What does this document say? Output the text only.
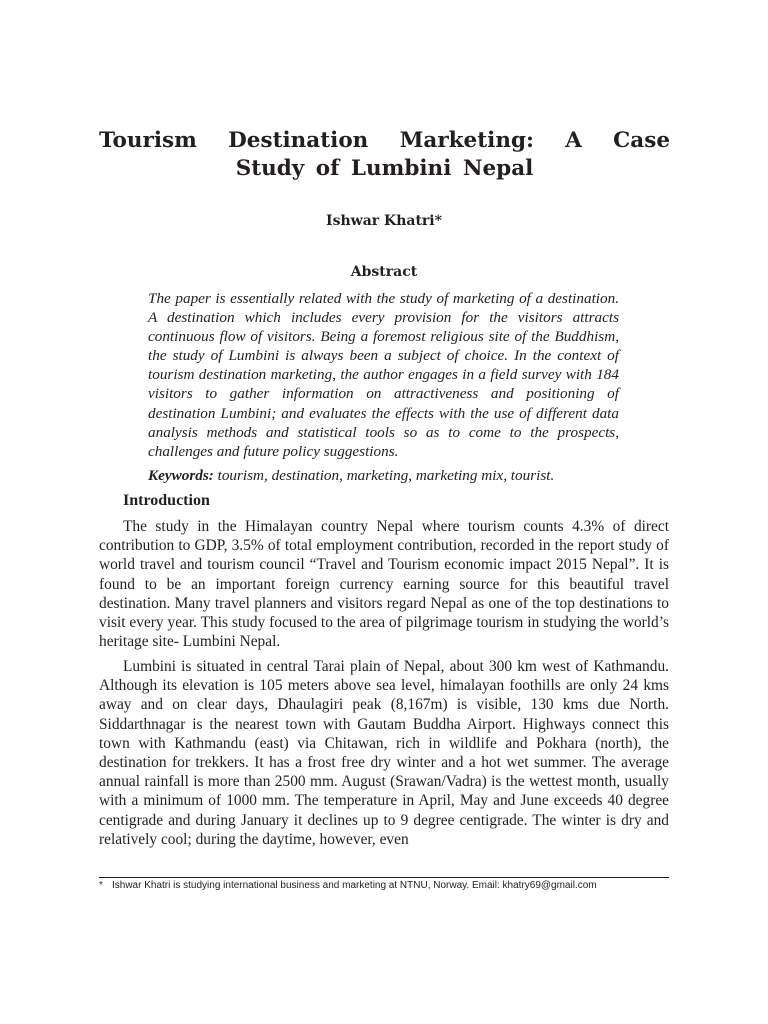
Tourism Destination Marketing: A Case Study of Lumbini Nepal
Ishwar Khatri*
Abstract

The paper is essentially related with the study of marketing of a destination. A destination which includes every provision for the visitors attracts continuous flow of visitors. Being a foremost religious site of the Buddhism, the study of Lumbini is always been a subject of choice. In the context of tourism destination marketing, the author engages in a field survey with 184 visitors to gather information on attractiveness and positioning of destination Lumbini; and evaluates the effects with the use of different data analysis methods and statistical tools so as to come to the prospects, challenges and future policy suggestions.

Keywords: tourism, destination, marketing, marketing mix, tourist.

Introduction

The study in the Himalayan country Nepal where tourism counts 4.3% of direct contribution to GDP, 3.5% of total employment contribution, recorded in the report study of world travel and tourism council “Travel and Tourism economic impact 2015 Nepal”. It is found to be an important foreign currency earning source for this beautiful travel destination. Many travel planners and visitors regard Nepal as one of the top destinations to visit every year. This study focused to the area of pilgrimage tourism in studying the world’s heritage site- Lumbini Nepal.

Lumbini is situated in central Tarai plain of Nepal, about 300 km west of Kathmandu. Although its elevation is 105 meters above sea level, himalayan foothills are only 24 kms away and on clear days, Dhaulagiri peak (8,167m) is visible, 130 kms due North. Siddarthnagar is the nearest town with Gautam Buddha Airport. Highways connect this town with Kathmandu (east) via Chitawan, rich in wildlife and Pokhara (north), the destination for trekkers. It has a frost free dry winter and a hot wet summer. The average annual rainfall is more than 2500 mm. August (Srawan/Vadra) is the wettest month, usually with a minimum of 1000 mm. The temperature in April, May and June exceeds 40 degree centigrade and during January it declines up to 9 degree centigrade. The winter is dry and relatively cool; during the daytime, however, even

* Ishwar Khatri is studying international business and marketing at NTNU, Norway. Email: khatry69@gmail.com
